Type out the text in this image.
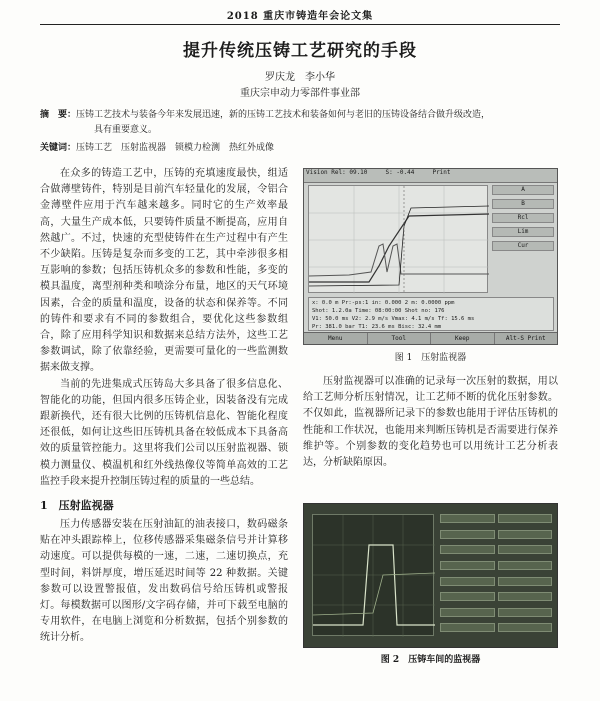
2018 重庆市铸造年会论文集
提升传统压铸工艺研究的手段
罗庆龙　李小华
重庆宗申动力零部件事业部
摘　要：压铸工艺技术与装备今年来发展迅速，新的压铸工艺技术和装备如何与老旧的压铸设备结合做升级改造，
具有重要意义。
关键词：压铸工艺　压射监视器　锁模力检测　热红外成像

在众多的铸造工艺中，压铸的充填速度最快，组适合做薄壁铸件，特别是目前汽车轻量化的发展，令铝合金薄壁件应用于汽车越来越多。同时它的生产效率最高，大量生产成本低，只要铸件质量不断提高，应用自然越广。不过，快速的充型使铸件在生产过程中有产生不少缺陷。压铸是复杂而多变的工艺，其中牵涉很多相互影响的参数；包括压铸机众多的参数和性能，多变的模具温度，离型剂种类和喷涂分布量，地区的天气环境因素，合金的质量和温度，设备的状态和保养等。不同的铸件和要求有不同的参数组合，要优化这些参数组合，除了应用科学知识和数据来总结方法外，这些工艺参数调试，除了依靠经验，更需要可量化的一些监测数据来做支撑。

当前的先进集成式压铸岛大多具备了很多信息化、智能化的功能，但国内很多压铸企业，因装备没有完成跟新换代，还有很大比例的压铸机信息化、智能化程度还很低，如何让这些旧压铸机具备在较低成本下具备高效的质量管控能力。这里将我们公司以压射监视器、锁模力测量仪、模温机和红外线热像仪等简单高效的工艺监控手段来提升控制压铸过程的质量的一些总结。

1　压射监视器

压力传感器安装在压射油缸的油表接口，数码磁条贴在冲头跟踪棒上，位移传感器采集磁条信号并计算移动速度。可以提供每模的一速，二速，二速切换点，充型时间，料饼厚度，增压延迟时间等 22 种数据。关键参数可以设置警报值，发出数码信号给压铸机或警报灯。每模数据可以图形/文字码存储，并可下载至电脑的专用软件，在电脑上浏览和分析数据，包括个别参数的统计分析。

Vision Rel: 09.10	S: -0.44	Print
A
B
Rcl
Lim
Cur
x: 0.0 m Pr:-ps:1 in: 0.000 2 m: 0.0000 ppm
Shot: 1.2.0a Time: 08:00:00 Shot no: 176
V1: 50.0 ms V2: 2.9 m/s Vmax: 4.1 m/s Tf: 15.6 ms
Pr: 381.0 bar T1: 23.6 ms Bisc: 32.4 mm
Menu	Tool	Keep	Alt-S Print
图 1　压射监视器

压射监视器可以准确的记录每一次压射的数据，用以给工艺师分析压射情况，让工艺师不断的优化压射参数。不仅如此，监视器所记录下的参数也能用于评估压铸机的性能和工作状况，也能用来判断压铸机是否需要进行保养维护等。个别参数的变化趋势也可以用统计工艺分析表达，分析缺陷原因。

图 2　压铸车间的监视器
